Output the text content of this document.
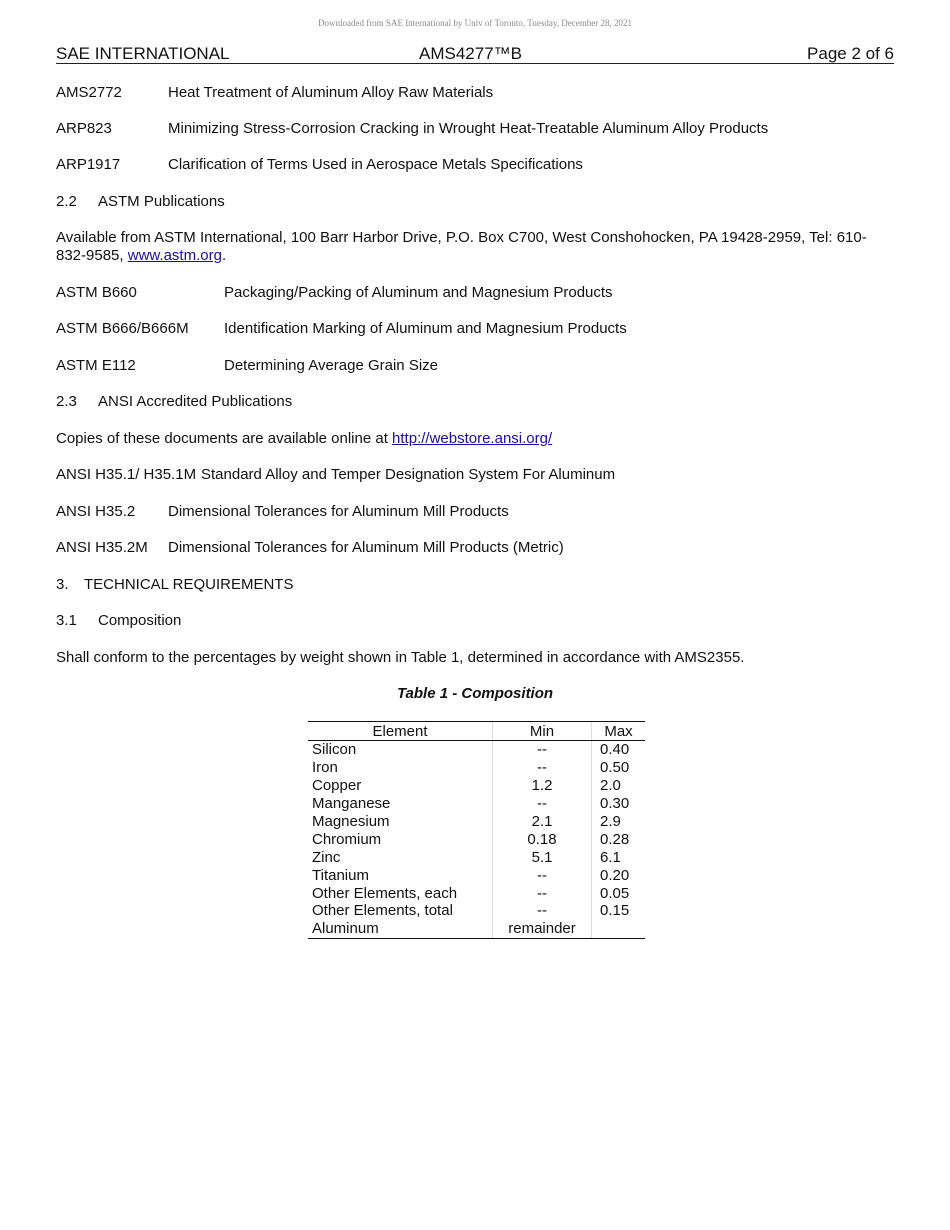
Downloaded from SAE International by Univ of Toronto, Tuesday, December 28, 2021
SAE INTERNATIONAL	AMS4277™B	Page 2 of 6
AMS2772	Heat Treatment of Aluminum Alloy Raw Materials
ARP823	Minimizing Stress-Corrosion Cracking in Wrought Heat-Treatable Aluminum Alloy Products
ARP1917	Clarification of Terms Used in Aerospace Metals Specifications
2.2 ASTM Publications
Available from ASTM International, 100 Barr Harbor Drive, P.O. Box C700, West Conshohocken, PA 19428-2959, Tel: 610-832-9585, www.astm.org.
ASTM B660	Packaging/Packing of Aluminum and Magnesium Products
ASTM B666/B666M Identification Marking of Aluminum and Magnesium Products
ASTM E112	Determining Average Grain Size
2.3 ANSI Accredited Publications
Copies of these documents are available online at http://webstore.ansi.org/
ANSI H35.1/ H35.1M Standard Alloy and Temper Designation System For Aluminum
ANSI H35.2 Dimensional Tolerances for Aluminum Mill Products
ANSI H35.2M Dimensional Tolerances for Aluminum Mill Products (Metric)
3. TECHNICAL REQUIREMENTS
3.1 Composition
Shall conform to the percentages by weight shown in Table 1, determined in accordance with AMS2355.
Table 1 - Composition
Element	Min	Max
Silicon	--	0.40
Iron	--	0.50
Copper	1.2	2.0
Manganese	--	0.30
Magnesium	2.1	2.9
Chromium	0.18	0.28
Zinc	5.1	6.1
Titanium	--	0.20
Other Elements, each	--	0.05
Other Elements, total	--	0.15
Aluminum	remainder	
